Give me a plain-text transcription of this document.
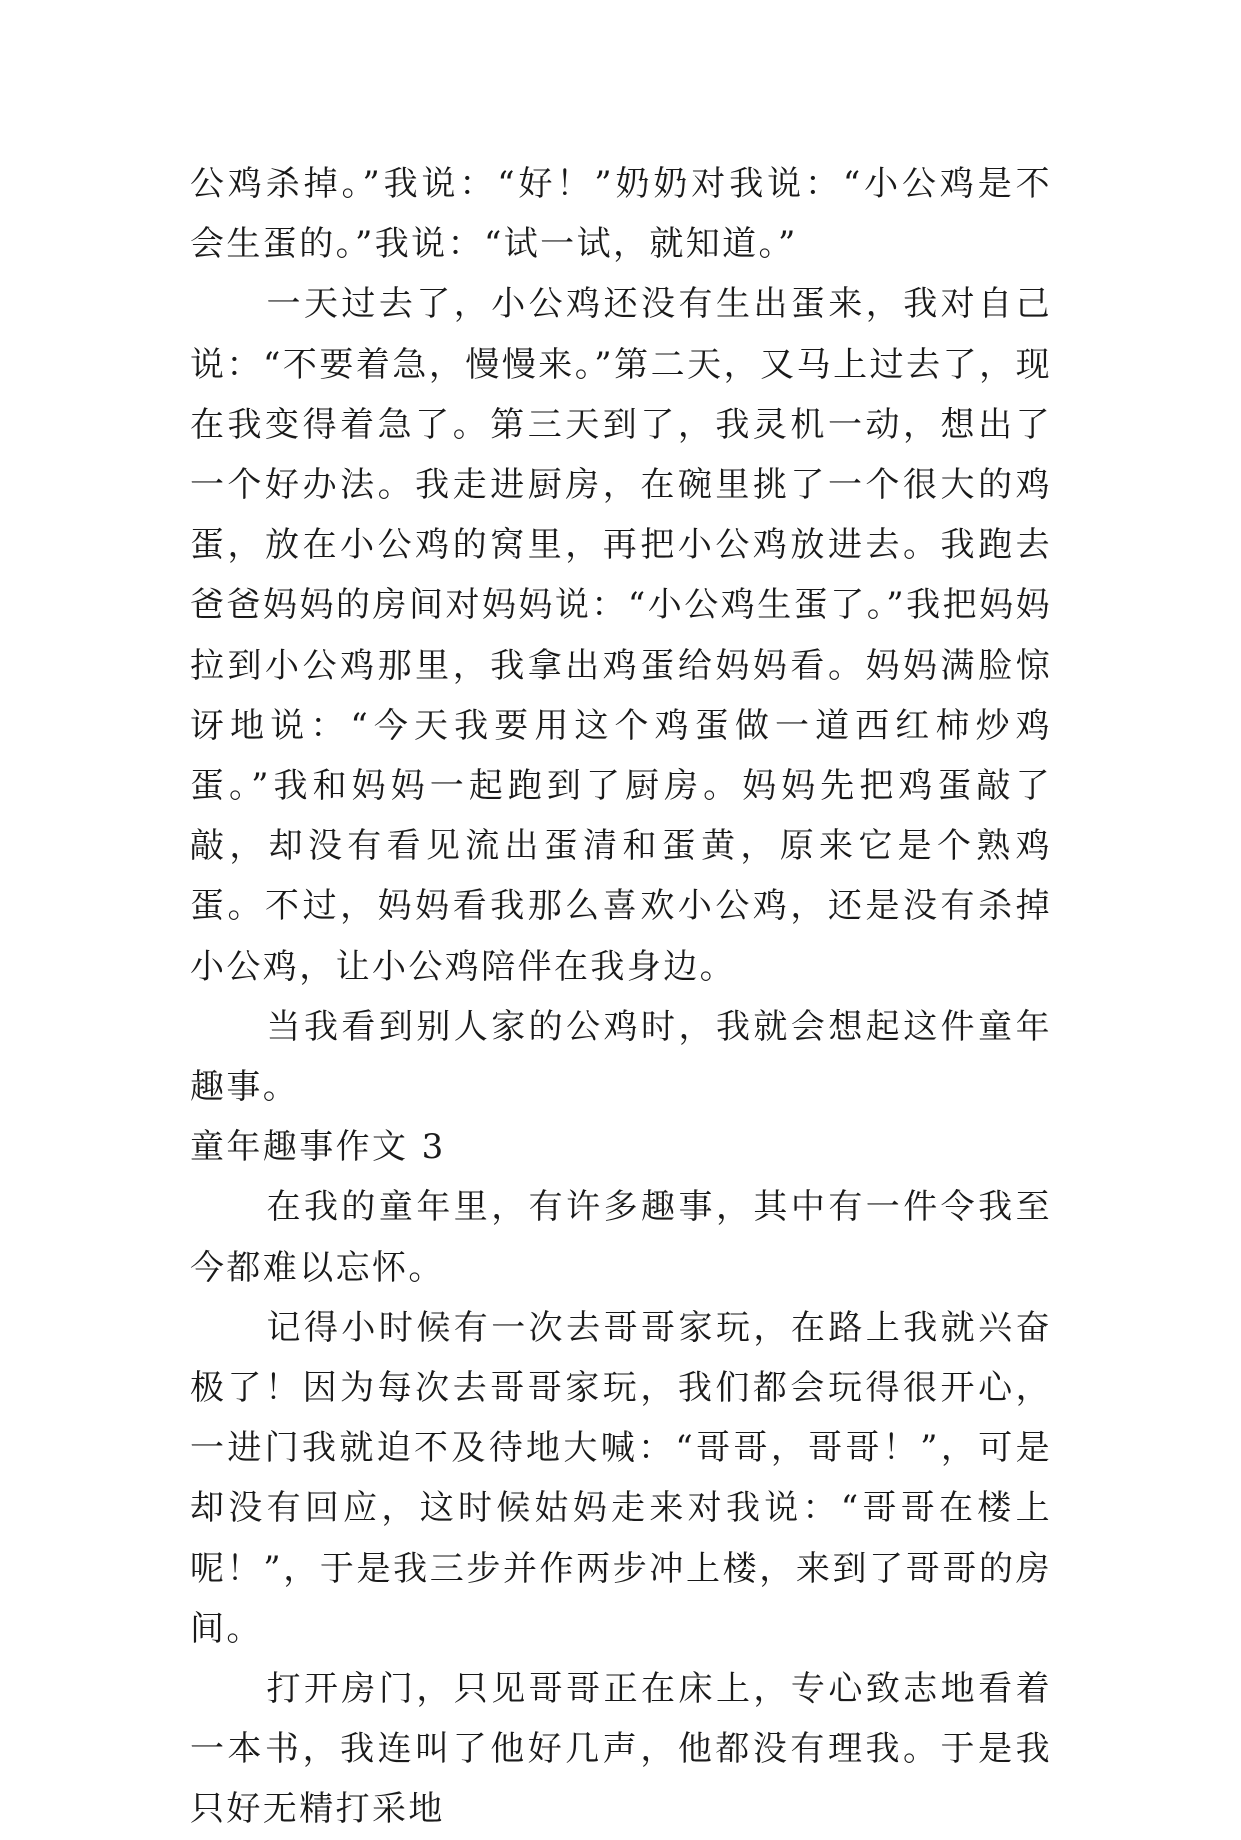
公鸡杀掉。”我说：“好！”奶奶对我说：“小公鸡是不会生蛋的。”我说：“试一试，就知道。”

一天过去了，小公鸡还没有生出蛋来，我对自己说：“不要着急，慢慢来。”第二天，又马上过去了，现在我变得着急了。第三天到了，我灵机一动，想出了一个好办法。我走进厨房，在碗里挑了一个很大的鸡蛋，放在小公鸡的窝里，再把小公鸡放进去。我跑去爸爸妈妈的房间对妈妈说：“小公鸡生蛋了。”我把妈妈拉到小公鸡那里，我拿出鸡蛋给妈妈看。妈妈满脸惊讶地说：“今天我要用这个鸡蛋做一道西红柿炒鸡蛋。”我和妈妈一起跑到了厨房。妈妈先把鸡蛋敲了敲，却没有看见流出蛋清和蛋黄，原来它是个熟鸡蛋。不过，妈妈看我那么喜欢小公鸡，还是没有杀掉小公鸡，让小公鸡陪伴在我身边。

当我看到别人家的公鸡时，我就会想起这件童年趣事。

童年趣事作文 3

在我的童年里，有许多趣事，其中有一件令我至今都难以忘怀。

记得小时候有一次去哥哥家玩，在路上我就兴奋极了！因为每次去哥哥家玩，我们都会玩得很开心，一进门我就迫不及待地大喊：“哥哥，哥哥！”，可是却没有回应，这时候姑妈走来对我说：“哥哥在楼上呢！”，于是我三步并作两步冲上楼，来到了哥哥的房间。

打开房门，只见哥哥正在床上，专心致志地看着一本书，我连叫了他好几声，他都没有理我。于是我只好无精打采地
